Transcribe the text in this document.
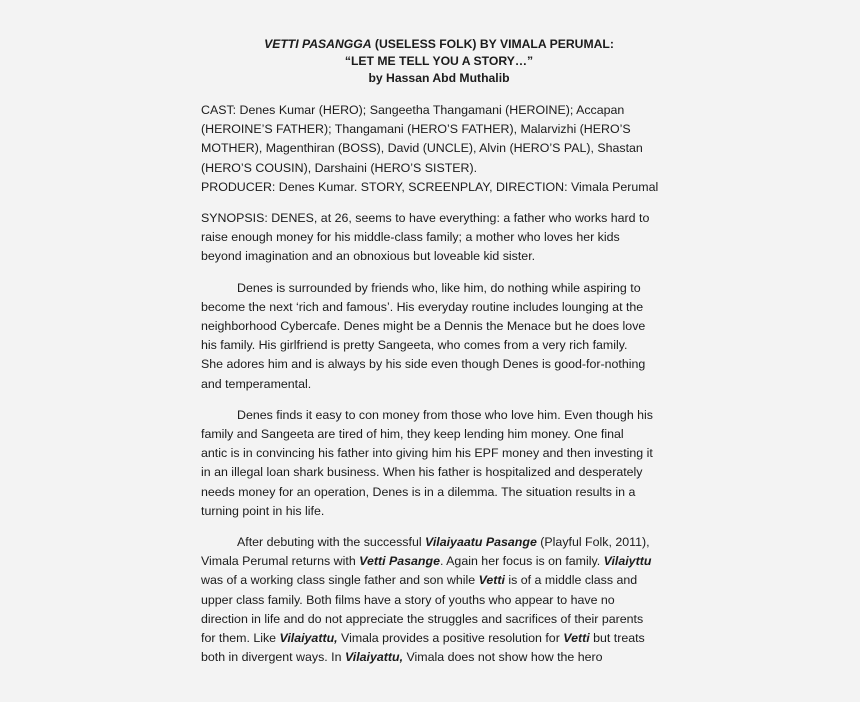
VETTI PASANGGA (USELESS FOLK) BY VIMALA PERUMAL:
“LET ME TELL YOU A STORY…”
by Hassan Abd Muthalib
CAST: Denes Kumar (HERO); Sangeetha Thangamani (HEROINE); Accapan
(HEROINE’S FATHER); Thangamani (HERO’S FATHER), Malarvizhi (HERO’S
MOTHER), Magenthiran (BOSS), David (UNCLE), Alvin (HERO’S PAL), Shastan
(HERO’S COUSIN), Darshaini (HERO’S SISTER).
PRODUCER: Denes Kumar. STORY, SCREENPLAY, DIRECTION: Vimala Perumal
SYNOPSIS: DENES, at 26, seems to have everything: a father who works hard to
raise enough money for his middle-class family; a mother who loves her kids
beyond imagination and an obnoxious but loveable kid sister.
Denes is surrounded by friends who, like him, do nothing while aspiring to
become the next ‘rich and famous’. His everyday routine includes lounging at the
neighborhood Cybercafe. Denes might be a Dennis the Menace but he does love
his family. His girlfriend is pretty Sangeeta, who comes from a very rich family.
She adores him and is always by his side even though Denes is good-for-nothing
and temperamental.
Denes finds it easy to con money from those who love him. Even though his
family and Sangeeta are tired of him, they keep lending him money. One final
antic is in convincing his father into giving him his EPF money and then investing it
in an illegal loan shark business. When his father is hospitalized and desperately
needs money for an operation, Denes is in a dilemma. The situation results in a
turning point in his life.
After debuting with the successful Vilaiyaatu Pasange (Playful Folk, 2011),
Vimala Perumal returns with Vetti Pasange. Again her focus is on family. Vilaiyttu
was of a working class single father and son while Vetti is of a middle class and
upper class family. Both films have a story of youths who appear to have no
direction in life and do not appreciate the struggles and sacrifices of their parents
for them. Like Vilaiyattu, Vimala provides a positive resolution for Vetti but treats
both in divergent ways. In Vilaiyattu, Vimala does not show how the hero
